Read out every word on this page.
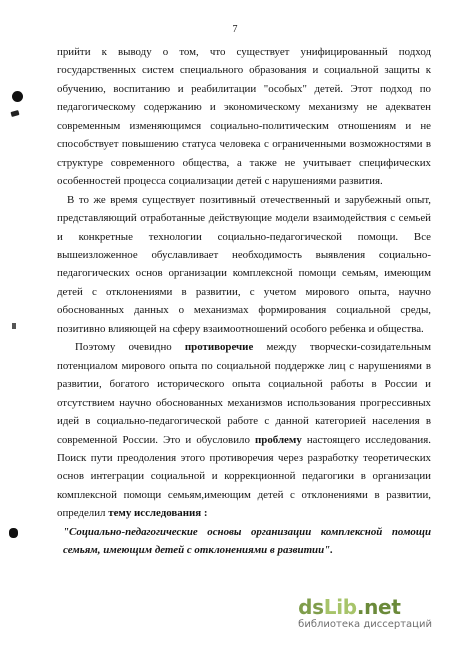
7
прийти к выводу о том, что существует унифицированный подход
государственных систем специального образования и социальной защиты к
обучению, воспитанию и реабилитации "особых" детей. Этот подход по
педагогическому содержанию и экономическому механизму не адекватен
современным изменяющимся социально-политическим отношениям и не
способствует повышению статуса человека с ограниченными возможностями в
структуре современного общества, а также не учитывает специфических
особенностей процесса социализации детей с нарушениями развития.
В то же время существует позитивный отечественный и зарубежный опыт,
представляющий отработанные действующие модели взаимодействия с семьей
и конкретные технологии социально-педагогической помощи. Все
вышеизложенное обуславливает необходимость выявления социально-
педагогических основ организации комплексной помощи семьям, имеющим
детей с отклонениями в развитии, с учетом мирового опыта, научно
обоснованных данных о механизмах формирования социальной среды,
позитивно влияющей на сферу взаимоотношений особого ребенка и общества.
Поэтому очевидно противоречие между творчески-созидательным
потенциалом мирового опыта по социальной поддержке лиц с нарушениями в
развитии, богатого исторического опыта социальной работы в России и
отсутствием научно обоснованных механизмов использования прогрессивных
идей в социально-педагогической работе с данной категорией населения в
современной России. Это и обусловило проблему настоящего исследования.
Поиск пути преодоления этого противоречия через разработку теоретических
основ интеграции социальной и коррекционной педагогики в организации
комплексной помощи семьям,имеющим детей с отклонениями в развитии,
определил тему исследования :
"Социально-педагогические основы организации комплексной помощи
семьям, имеющим детей с отклонениями в развитии".
dsLib.net
библиотека диссертаций
